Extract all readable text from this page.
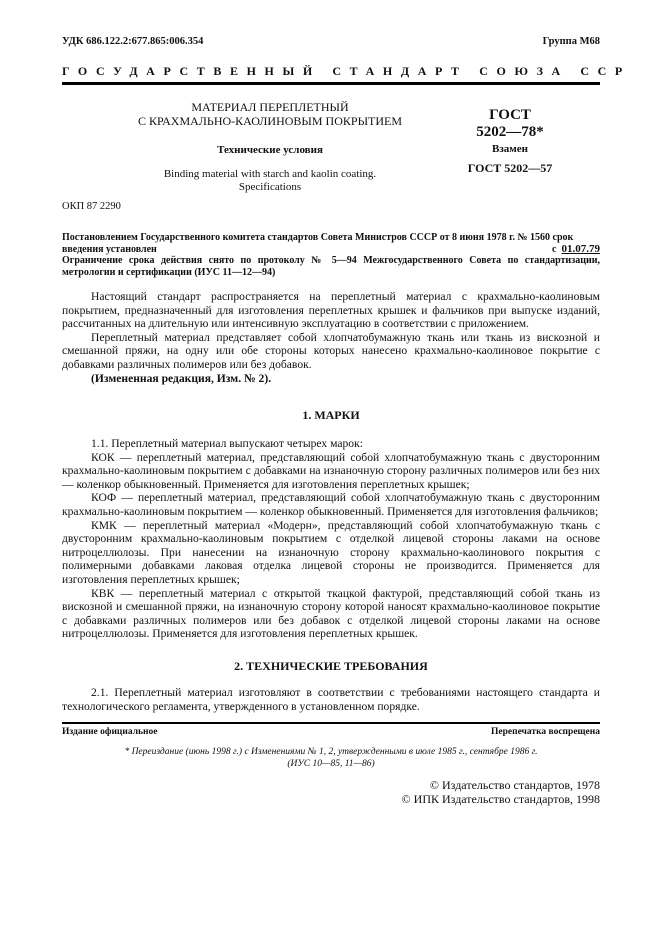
УДК 686.122.2:677.865:006.354	Группа М68
ГОСУДАРСТВЕННЫЙ СТАНДАРТ СОЮЗА ССР
МАТЕРИАЛ ПЕРЕПЛЕТНЫЙ
С КРАХМАЛЬНО-КАОЛИНОВЫМ ПОКРЫТИЕМ
Технические условия
Binding material with starch and kaolin coating.
Specifications
ГОСТ
5202—78*
Взамен
ГОСТ 5202—57
ОКП 87 2290
Постановлением Государственного комитета стандартов Совета Министров СССР от 8 июня 1978 г. № 1560 срок
введения установлен	с 01.07.79
Ограничение срока действия снято по протоколу № 5—94 Межгосударственного Совета по стандартизации, метрологии и сертификации (ИУС 11—12—94)

Настоящий стандарт распространяется на переплетный материал с крахмально-каолиновым покрытием, предназначенный для изготовления переплетных крышек и фальчиков при выпуске изданий, рассчитанных на длительную или интенсивную эксплуатацию в соответствии с приложением.

Переплетный материал представляет собой хлопчатобумажную ткань или ткань из вискозной и смешанной пряжи, на одну или обе стороны которых нанесено крахмально-каолиновое покрытие с добавками различных полимеров или без добавок.

(Измененная редакция, Изм. № 2).

1. МАРКИ

1.1. Переплетный материал выпускают четырех марок:

КОК — переплетный материал, представляющий собой хлопчатобумажную ткань с двусторонним крахмально-каолиновым покрытием с добавками на изнаночную сторону различных полимеров или без них — коленкор обыкновенный. Применяется для изготовления переплетных крышек;

КОФ — переплетный материал, представляющий собой хлопчатобумажную ткань с двусторонним крахмально-каолиновым покрытием — коленкор обыкновенный. Применяется для изготовления фальчиков;

КМК — переплетный материал «Модерн», представляющий собой хлопчатобумажную ткань с двусторонним крахмально-каолиновым покрытием с отделкой лицевой стороны лаками на основе нитроцеллюлозы. При нанесении на изнаночную сторону крахмально-каолинового покрытия с полимерными добавками лаковая отделка лицевой стороны не производится. Применяется для изготовления переплетных крышек;

КВК — переплетный материал с открытой ткацкой фактурой, представляющий собой ткань из вискозной и смешанной пряжи, на изнаночную сторону которой наносят крахмально-каолиновое покрытие с добавками различных полимеров или без добавок с отделкой лицевой стороны лаками на основе нитроцеллюлозы. Применяется для изготовления переплетных крышек.

2. ТЕХНИЧЕСКИЕ ТРЕБОВАНИЯ

2.1. Переплетный материал изготовляют в соответствии с требованиями настоящего стандарта и технологического регламента, утвержденного в установленном порядке.

Издание официальное	Перепечатка воспрещена
* Переиздание (июнь 1998 г.) с Изменениями № 1, 2, утвержденными в июле 1985 г., сентябре 1986 г.
(ИУС 10—85, 11—86)
© Издательство стандартов, 1978
© ИПК Издательство стандартов, 1998
